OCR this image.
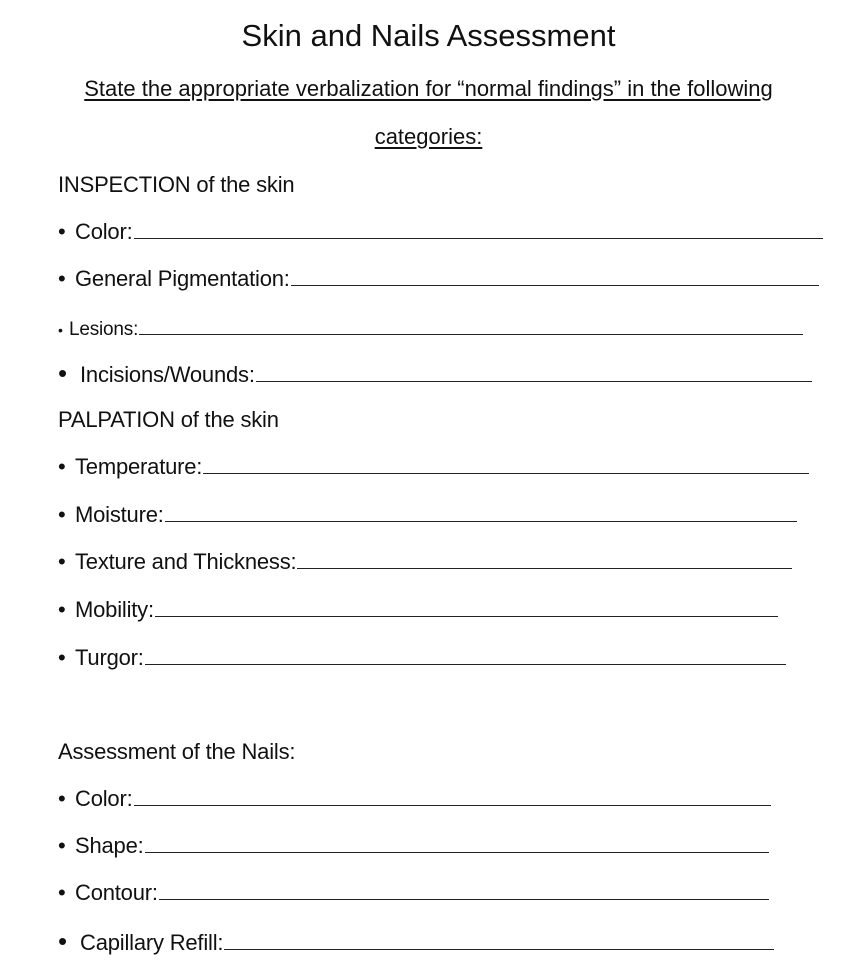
Skin and Nails Assessment
State the appropriate verbalization for “normal findings” in the following
categories:
INSPECTION of the skin
• Color:
• General Pigmentation:
• Lesions:
• Incisions/Wounds:
PALPATION of the skin
• Temperature:
• Moisture:
• Texture and Thickness:
• Mobility:
• Turgor:
Assessment of the Nails:
• Color:
• Shape:
• Contour:
• Capillary Refill:
